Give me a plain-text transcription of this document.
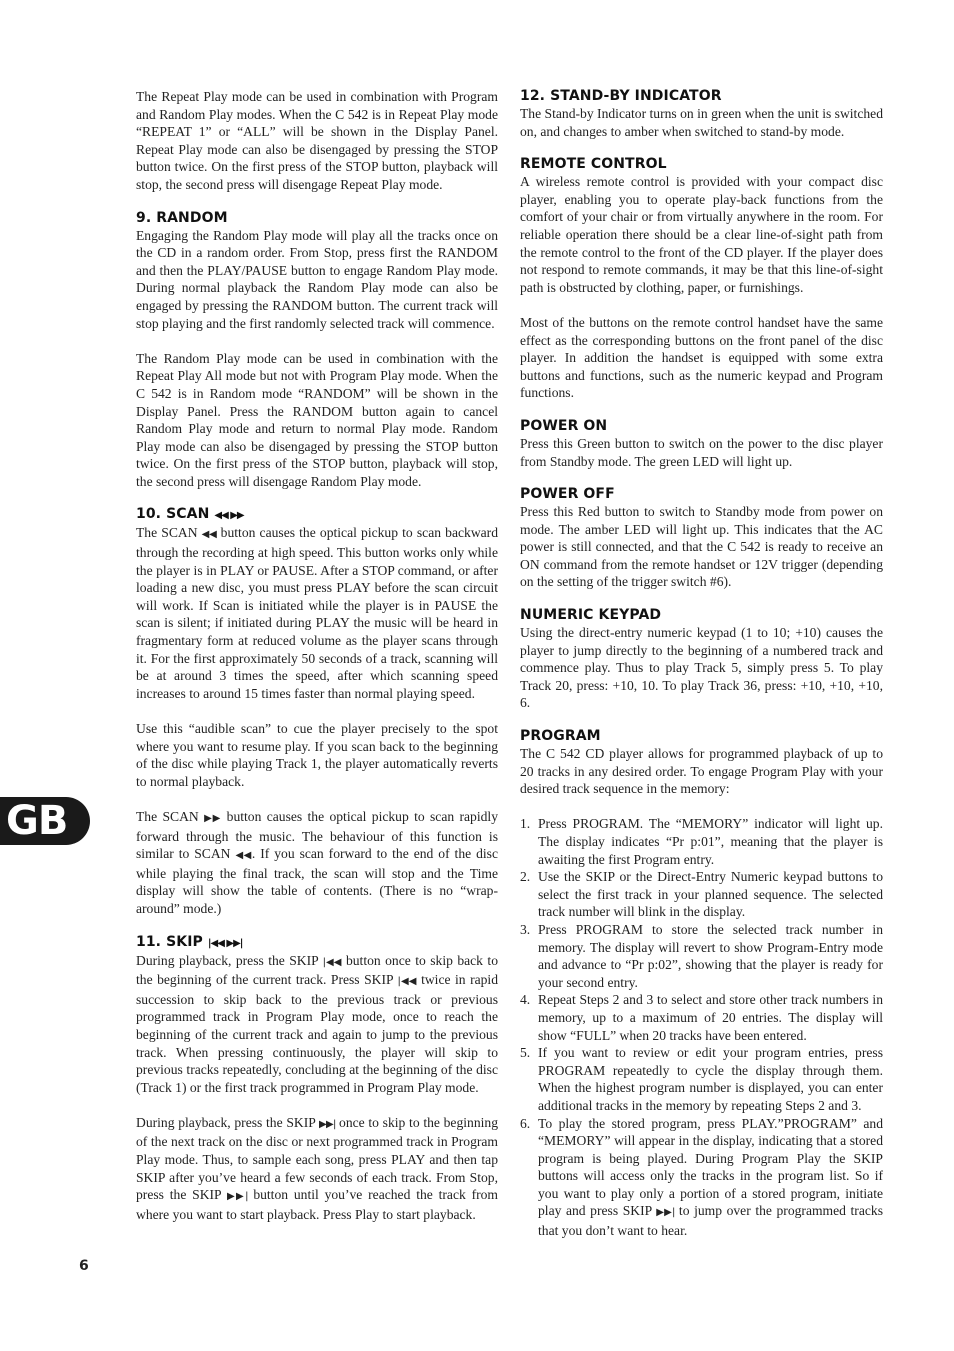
The Repeat Play mode can be used in combination with Program and Random Play modes. When the C 542 is in Repeat Play mode “REPEAT 1” or “ALL” will be shown in the Display Panel. Repeat Play mode can also be disengaged by pressing the STOP button twice. On the first press of the STOP button, playback will stop, the second press will disengage Repeat Play mode.

9. RANDOM

Engaging the Random Play mode will play all the tracks once on the CD in a random order. From Stop, press first the RANDOM and then the PLAY/PAUSE button to engage Random Play mode. During normal playback the Random Play mode can also be engaged by pressing the RANDOM button. The current track will stop playing and the first randomly selected track will commence.

The Random Play mode can be used in combination with the Repeat Play All mode but not with Program Play mode. When the C 542 is in Random mode “RANDOM” will be shown in the Display Panel. Press the RANDOM button again to cancel Random Play mode and return to normal Play mode. Random Play mode can also be disengaged by pressing the STOP button twice. On the first press of the STOP button, playback will stop, the second press will disengage Random Play mode.

10. SCAN ◀◀ ▶▶

The SCAN ◀◀ button causes the optical pickup to scan backward through the recording at high speed. This button works only while the player is in PLAY or PAUSE. After a STOP command, or after loading a new disc, you must press PLAY before the scan circuit will work. If Scan is initiated while the player is in PAUSE the scan is silent; if initiated during PLAY the music will be heard in fragmentary form at reduced volume as the player scans through it. For the first approximately 50 seconds of a track, scanning will be at around 3 times the speed, after which scanning speed increases to around 15 times faster than normal playing speed.

Use this “audible scan” to cue the player precisely to the spot where you want to resume play. If you scan back to the beginning of the disc while playing Track 1, the player automatically reverts to normal playback.

The SCAN ▶▶ button causes the optical pickup to scan rapidly forward through the music. The behaviour of this function is similar to SCAN ◀◀. If you scan forward to the end of the disc while playing the final track, the scan will stop and the Time display will show the table of contents. (There is no “wrap-around” mode.)

11. SKIP |◀◀ ▶▶|

During playback, press the SKIP |◀◀ button once to skip back to the beginning of the current track. Press SKIP |◀◀ twice in rapid succession to skip back to the previous track or previous programmed track in Program Play mode, once to reach the beginning of the current track and again to jump to the previous track. When pressing continuously, the player will skip to previous tracks repeatedly, concluding at the beginning of the disc (Track 1) or the first track programmed in Program Play mode.

During playback, press the SKIP ▶▶| once to skip to the beginning of the next track on the disc or next programmed track in Program Play mode. Thus, to sample each song, press PLAY and then tap SKIP after you’ve heard a few seconds of each track. From Stop, press the SKIP ▶▶| button until you’ve reached the track from where you want to start playback. Press Play to start playback.

12. STAND-BY INDICATOR

The Stand-by Indicator turns on in green when the unit is switched on, and changes to amber when switched to stand-by mode.

REMOTE CONTROL

A wireless remote control is provided with your compact disc player, enabling you to operate play-back functions from the comfort of your chair or from virtually anywhere in the room. For reliable operation there should be a clear line-of-sight path from the remote control to the front of the CD player. If the player does not respond to remote commands, it may be that this line-of-sight path is obstructed by clothing, paper, or furnishings.

Most of the buttons on the remote control handset have the same effect as the corresponding buttons on the front panel of the disc player. In addition the handset is equipped with some extra buttons and functions, such as the numeric keypad and Program functions.

POWER ON

Press this Green button to switch on the power to the disc player from Standby mode. The green LED will light up.

POWER OFF

Press this Red button to switch to Standby mode from power on mode. The amber LED will light up. This indicates that the AC power is still connected, and that the C 542 is ready to receive an ON command from the remote handset or 12V trigger (depending on the setting of the trigger switch #6).

NUMERIC KEYPAD

Using the direct-entry numeric keypad (1 to 10; +10) causes the player to jump directly to the beginning of a numbered track and commence play. Thus to play Track 5, simply press 5. To play Track 20, press: +10, 10. To play Track 36, press: +10, +10, +10, 6.

PROGRAM

The C 542 CD player allows for programmed playback of up to 20 tracks in any desired order. To engage Program Play with your desired track sequence in the memory:

1. Press PROGRAM. The “MEMORY” indicator will light up. The display indicates “Pr p:01”, meaning that the player is awaiting the first Program entry.
2. Use the SKIP or the Direct-Entry Numeric keypad buttons to select the first track in your planned sequence. The selected track number will blink in the display.
3. Press PROGRAM to store the selected track number in memory. The display will revert to show Program-Entry mode and advance to “Pr p:02”, showing that the player is ready for your second entry.
4. Repeat Steps 2 and 3 to select and store other track numbers in memory, up to a maximum of 20 entries. The display will show “FULL” when 20 tracks have been entered.
5. If you want to review or edit your program entries, press PROGRAM repeatedly to cycle the display through them. When the highest program number is displayed, you can enter additional tracks in the memory by repeating Steps 2 and 3.
6. To play the stored program, press PLAY.”PROGRAM” and “MEMORY” will appear in the display, indicating that a stored program is being played. During Program Play the SKIP buttons will access only the tracks in the program list. So if you want to play only a portion of a stored program, initiate play and press SKIP ▶▶| to jump over the programmed tracks that you don’t want to hear.
GB
6
